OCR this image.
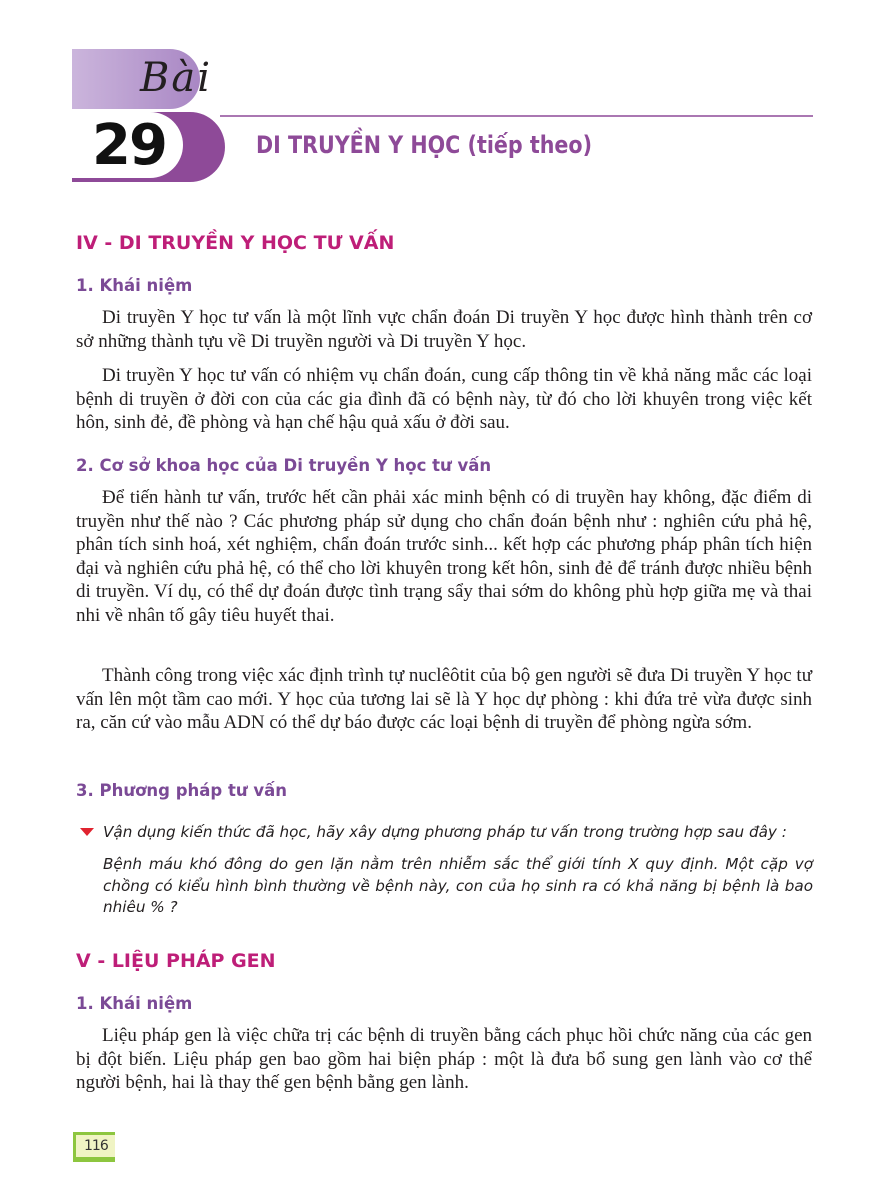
Bài
29	DI TRUYỀN Y HỌC (tiếp theo)
IV - DI TRUYỀN Y HỌC TƯ VẤN
1. Khái niệm

Di truyền Y học tư vấn là một lĩnh vực chẩn đoán Di truyền Y học được hình thành trên cơ sở những thành tựu về Di truyền người và Di truyền Y học.

Di truyền Y học tư vấn có nhiệm vụ chẩn đoán, cung cấp thông tin về khả năng mắc các loại bệnh di truyền ở đời con của các gia đình đã có bệnh này, từ đó cho lời khuyên trong việc kết hôn, sinh đẻ, đề phòng và hạn chế hậu quả xấu ở đời sau.

2. Cơ sở khoa học của Di truyền Y học tư vấn

Để tiến hành tư vấn, trước hết cần phải xác minh bệnh có di truyền hay không, đặc điểm di truyền như thế nào ? Các phương pháp sử dụng cho chẩn đoán bệnh như : nghiên cứu phả hệ, phân tích sinh hoá, xét nghiệm, chẩn đoán trước sinh... kết hợp các phương pháp phân tích hiện đại và nghiên cứu phả hệ, có thể cho lời khuyên trong kết hôn, sinh đẻ để tránh được nhiều bệnh di truyền. Ví dụ, có thể dự đoán được tình trạng sẩy thai sớm do không phù hợp giữa mẹ và thai nhi về nhân tố gây tiêu huyết thai.

Thành công trong việc xác định trình tự nuclêôtit của bộ gen người sẽ đưa Di truyền Y học tư vấn lên một tầm cao mới. Y học của tương lai sẽ là Y học dự phòng : khi đứa trẻ vừa được sinh ra, căn cứ vào mẫu ADN có thể dự báo được các loại bệnh di truyền để phòng ngừa sớm.

3. Phương pháp tư vấn

Vận dụng kiến thức đã học, hãy xây dựng phương pháp tư vấn trong trường hợp sau đây :

Bệnh máu khó đông do gen lặn nằm trên nhiễm sắc thể giới tính X quy định. Một cặp vợ chồng có kiểu hình bình thường về bệnh này, con của họ sinh ra có khả năng bị bệnh là bao nhiêu % ?

V - LIỆU PHÁP GEN
1. Khái niệm

Liệu pháp gen là việc chữa trị các bệnh di truyền bằng cách phục hồi chức năng của các gen bị đột biến. Liệu pháp gen bao gồm hai biện pháp : một là đưa bổ sung gen lành vào cơ thể người bệnh, hai là thay thế gen bệnh bằng gen lành.

116
